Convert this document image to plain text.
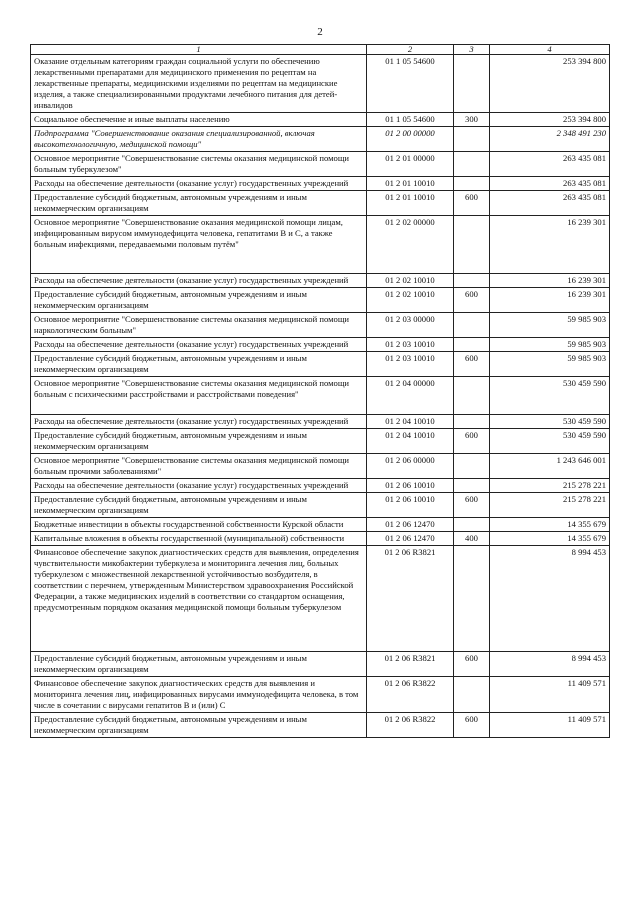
2
1	2	3	4
Оказание отдельным категориям граждан социальной услуги по обеспечению лекарственными препаратами для медицинского применения по рецептам на лекарственные препараты, медицинскими изделиями по рецептам на медицинские изделия, а также специализированными продуктами лечебного питания для детей-инвалидов	01 1 05 54600		253 394 800
Социальное обеспечение и иные выплаты населению	01 1 05 54600	300	253 394 800
Подпрограмма "Совершенствование оказания специализированной, включая высокотехнологичную, медицинской помощи"	01 2 00 00000		2 348 491 230
Основное мероприятие "Совершенствование системы оказания медицинской помощи больным туберкулезом"	01 2 01 00000		263 435 081
Расходы на обеспечение деятельности (оказание услуг) государственных учреждений	01 2 01 10010		263 435 081
Предоставление субсидий бюджетным, автономным учреждениям и иным некоммерческим организациям	01 2 01 10010	600	263 435 081
Основное мероприятие "Совершенствование оказания медицинской помощи лицам, инфицированным вирусом иммунодефицита человека, гепатитами B и C, а также больным инфекциями, передаваемыми половым путём"	01 2 02 00000		16 239 301
Расходы на обеспечение деятельности (оказание услуг) государственных учреждений	01 2 02 10010		16 239 301
Предоставление субсидий бюджетным, автономным учреждениям и иным некоммерческим организациям	01 2 02 10010	600	16 239 301
Основное мероприятие "Совершенствование системы оказания медицинской помощи наркологическим больным"	01 2 03 00000		59 985 903
Расходы на обеспечение деятельности (оказание услуг) государственных учреждений	01 2 03 10010		59 985 903
Предоставление субсидий бюджетным, автономным учреждениям и иным некоммерческим организациям	01 2 03 10010	600	59 985 903
Основное мероприятие "Совершенствование системы оказания медицинской помощи больным с психическими расстройствами и расстройствами поведения"	01 2 04 00000		530 459 590
Расходы на обеспечение деятельности (оказание услуг) государственных учреждений	01 2 04 10010		530 459 590
Предоставление субсидий бюджетным, автономным учреждениям и иным некоммерческим организациям	01 2 04 10010	600	530 459 590
Основное мероприятие "Совершенствование системы оказания медицинской помощи больным прочими заболеваниями"	01 2 06 00000		1 243 646 001
Расходы на обеспечение деятельности (оказание услуг) государственных учреждений	01 2 06 10010		215 278 221
Предоставление субсидий бюджетным, автономным учреждениям и иным некоммерческим организациям	01 2 06 10010	600	215 278 221
Бюджетные инвестиции в объекты государственной собственности Курской области	01 2 06 12470		14 355 679
Капитальные вложения в объекты государственной (муниципальной) собственности	01 2 06 12470	400	14 355 679
Финансовое обеспечение закупок диагностических средств для выявления, определения чувствительности микобактерии туберкулеза и мониторинга лечения лиц, больных туберкулезом с множественной лекарственной устойчивостью возбудителя, в соответствии с перечнем, утвержденным Министерством здравоохранения Российской Федерации, а также медицинских изделий в соответствии со стандартом оснащения, предусмотренным порядком оказания медицинской помощи больным туберкулезом	01 2 06 R3821		8 994 453
Предоставление субсидий бюджетным, автономным учреждениям и иным некоммерческим организациям	01 2 06 R3821	600	8 994 453
Финансовое обеспечение закупок диагностических средств для выявления и мониторинга лечения лиц, инфицированных вирусами иммунодефицита человека, в том числе в сочетании с вирусами гепатитов B и (или) C	01 2 06 R3822		11 409 571
Предоставление субсидий бюджетным, автономным учреждениям и иным некоммерческим организациям	01 2 06 R3822	600	11 409 571
